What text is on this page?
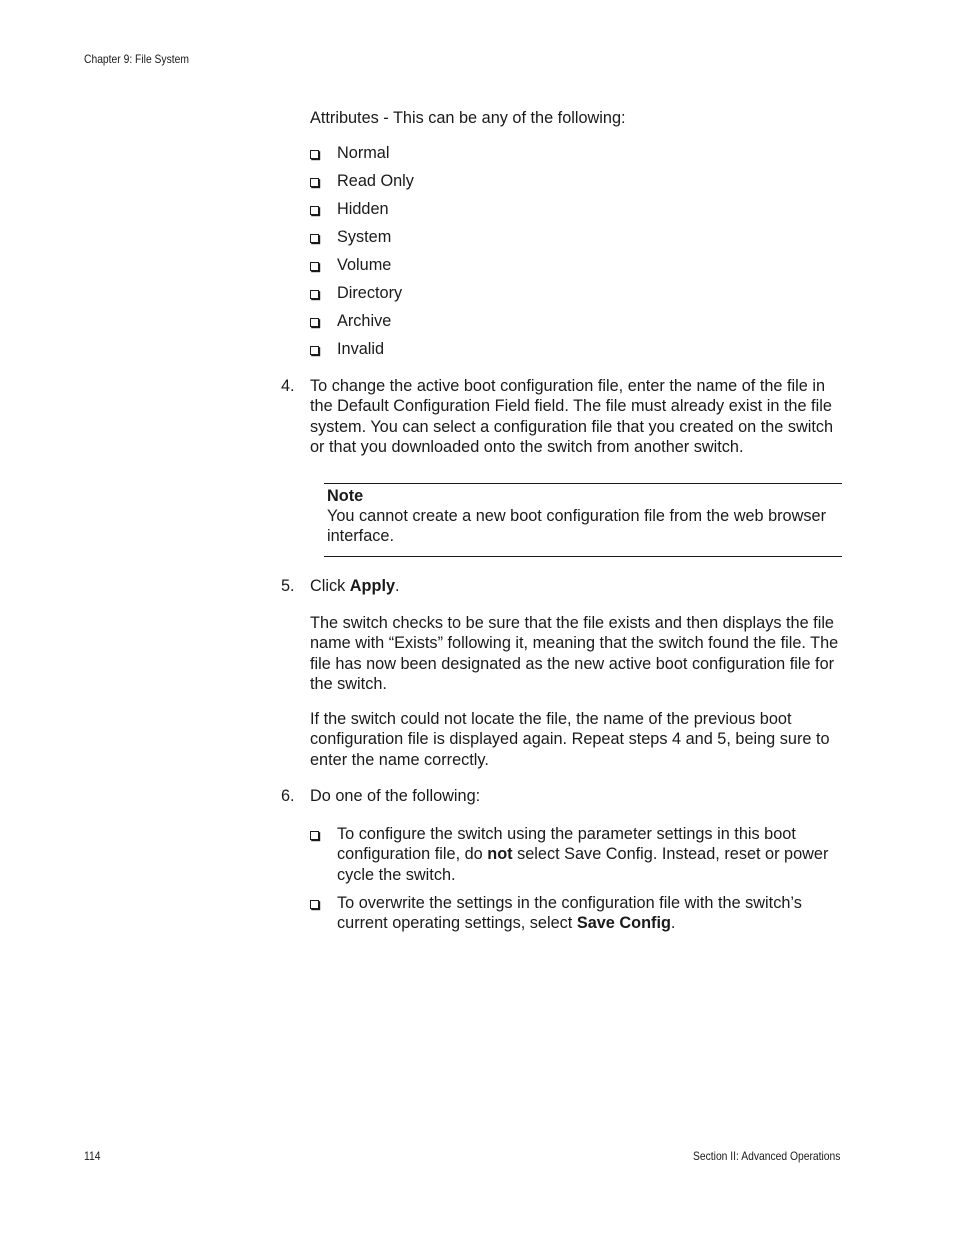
Chapter 9: File System
Attributes - This can be any of the following:
Normal
Read Only
Hidden
System
Volume
Directory
Archive
Invalid
4. To change the active boot configuration file, enter the name of the file in the Default Configuration Field field. The file must already exist in the file system. You can select a configuration file that you created on the switch or that you downloaded onto the switch from another switch.
Note
You cannot create a new boot configuration file from the web browser interface.
5. Click Apply.
The switch checks to be sure that the file exists and then displays the file name with “Exists” following it, meaning that the switch found the file. The file has now been designated as the new active boot configuration file for the switch.
If the switch could not locate the file, the name of the previous boot configuration file is displayed again. Repeat steps 4 and 5, being sure to enter the name correctly.
6. Do one of the following:
To configure the switch using the parameter settings in this boot configuration file, do not select Save Config. Instead, reset or power cycle the switch.
To overwrite the settings in the configuration file with the switch’s current operating settings, select Save Config.
114	Section II: Advanced Operations
